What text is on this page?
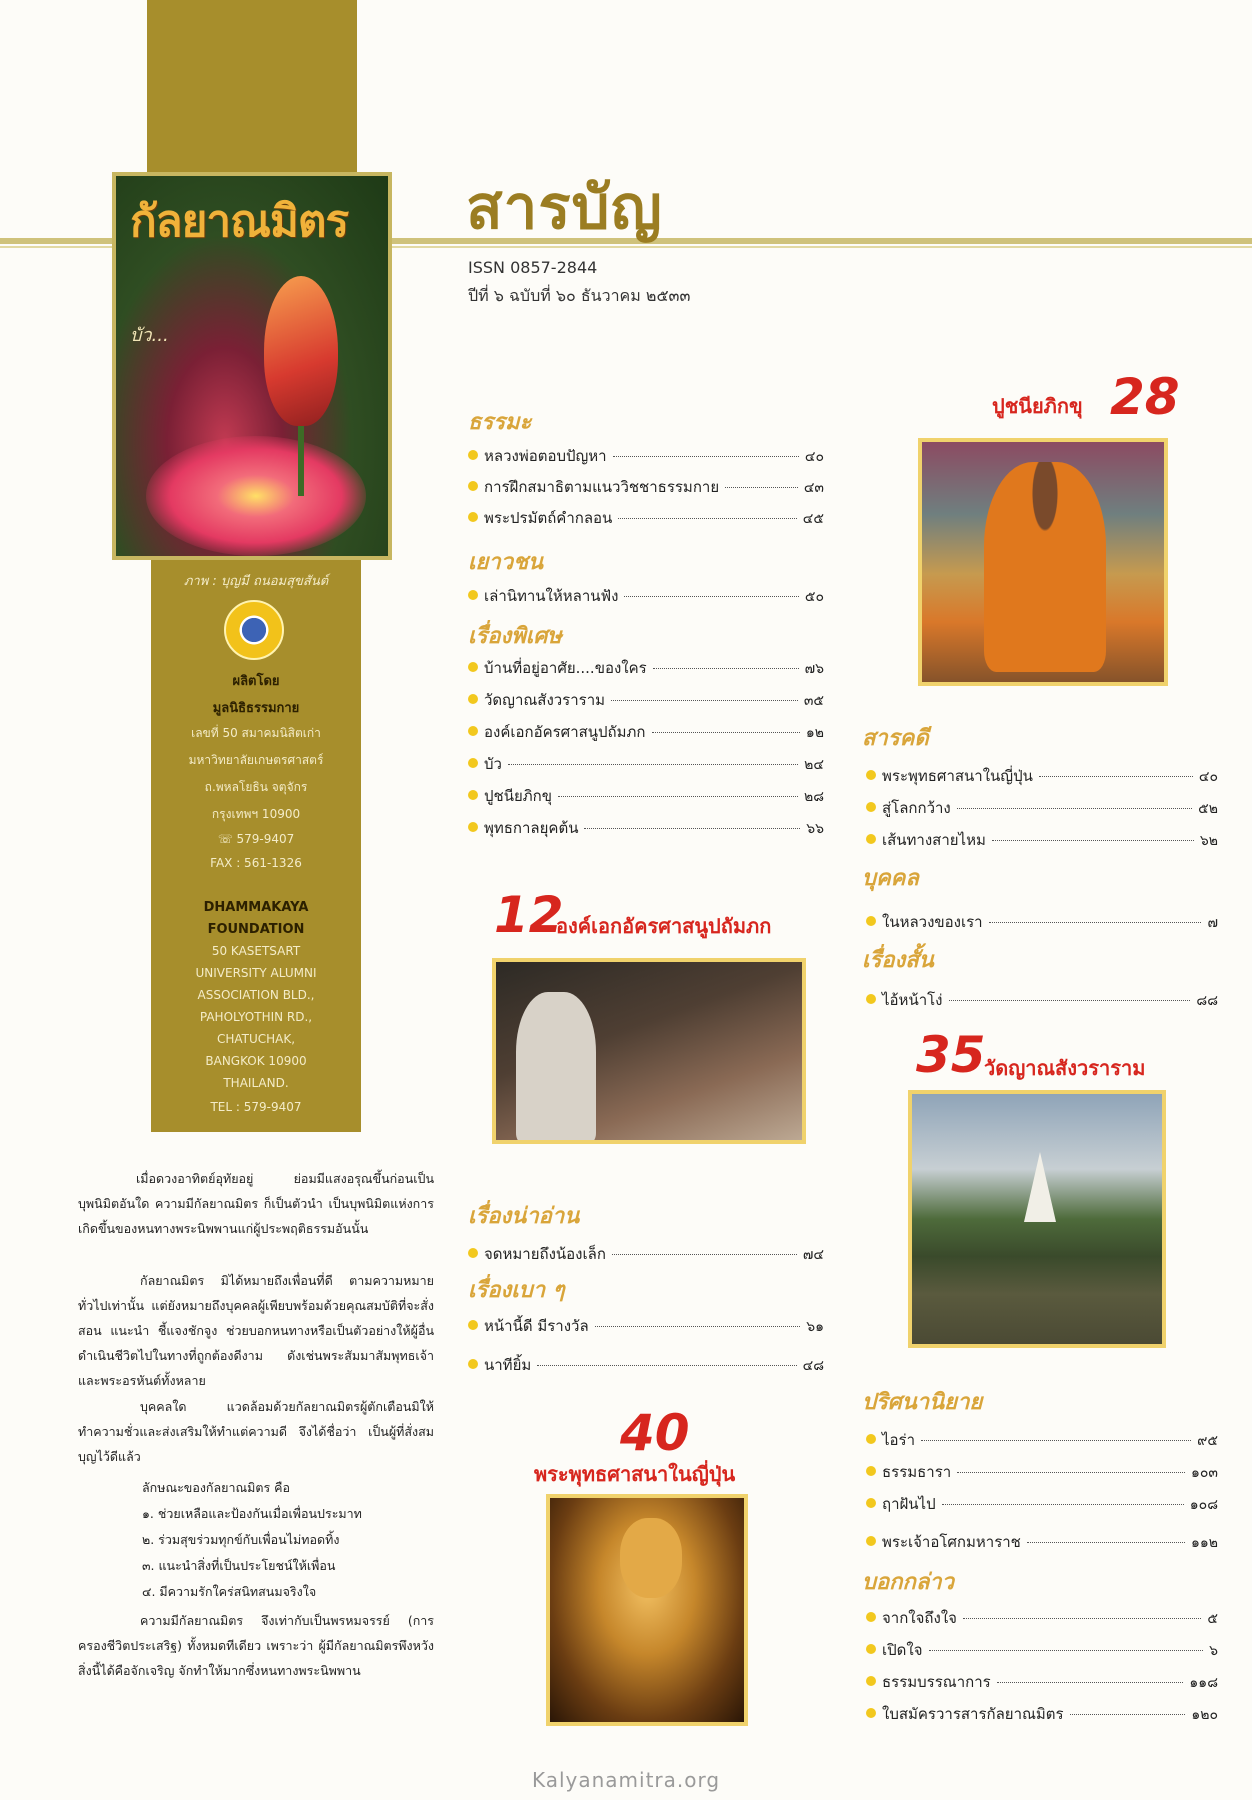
กัลยาณมิตร
บัว...
ภาพ : บุญมี ถนอมสุขสันต์
ผลิตโดย
มูลนิธิธรรมกาย
เลขที่ 50 สมาคมนิสิตเก่า
มหาวิทยาลัยเกษตรศาสตร์
ถ.พหลโยธิน จตุจักร
กรุงเทพฯ 10900
☏ 579-9407
FAX : 561-1326
DHAMMAKAYA
FOUNDATION
50 KASETSART
UNIVERSITY ALUMNI
ASSOCIATION BLD.,
PAHOLYOTHIN RD.,
CHATUCHAK,
BANGKOK 10900
THAILAND.
TEL : 579-9407
สารบัญ
ISSN 0857-2844
ปีที่ ๖ ฉบับที่ ๖๐ ธันวาคม ๒๕๓๓
ธรรมะ
หลวงพ่อตอบปัญหา	๔๐
การฝึกสมาธิตามแนววิชชาธรรมกาย	๔๓
พระปรมัตถ์คำกลอน	๔๕
เยาวชน
เล่านิทานให้หลานฟัง	๕๐
เรื่องพิเศษ
บ้านที่อยู่อาศัย....ของใคร	๗๖
วัดญาณสังวราราม	๓๕
องค์เอกอัครศาสนูปถัมภก	๑๒
บัว	๒๔
ปูชนียภิกขุ	๒๘
พุทธกาลยุคต้น	๖๖
12
องค์เอกอัครศาสนูปถัมภก
เรื่องน่าอ่าน
จดหมายถึงน้องเล็ก	๗๔
เรื่องเบา ๆ
หน้านี้ดี มีรางวัล	๖๑
นาทียิ้ม	๔๘
40
พระพุทธศาสนาในญี่ปุ่น
ปูชนียภิกขุ 28
สารคดี
พระพุทธศาสนาในญี่ปุ่น	๔๐
สู่โลกกว้าง	๕๒
เส้นทางสายไหม	๖๒
บุคคล
ในหลวงของเรา	๗
เรื่องสั้น
ไอ้หน้าโง่	๘๘
35
วัดญาณสังวราราม
ปริศนานิยาย
ไอร่า	๙๕
ธรรมธารา	๑๐๓
ฤาฝันไป	๑๐๘
พระเจ้าอโศกมหาราช	๑๑๒
บอกกล่าว
จากใจถึงใจ	๕
เปิดใจ	๖
ธรรมบรรณาการ	๑๑๘
ใบสมัครวารสารกัลยาณมิตร	๑๒๐
เมื่อดวงอาทิตย์อุทัยอยู่ ย่อมมีแสงอรุณขึ้นก่อนเป็นบุพนิมิตอันใด ความมีกัลยาณมิตร ก็เป็นตัวนำ เป็นบุพนิมิตแห่งการเกิดขึ้นของหนทางพระนิพพานแก่ผู้ประพฤติธรรมอันนั้น
กัลยาณมิตร มิได้หมายถึงเพื่อนที่ดี ตามความหมายทั่วไปเท่านั้น แต่ยังหมายถึงบุคคลผู้เพียบพร้อมด้วยคุณสมบัติที่จะสั่งสอน แนะนำ ชี้แจงชักจูง ช่วยบอกหนทางหรือเป็นตัวอย่างให้ผู้อื่นดำเนินชีวิตไปในทางที่ถูกต้องดีงาม ดังเช่นพระสัมมาสัมพุทธเจ้า และพระอรหันต์ทั้งหลาย
บุคคลใด แวดล้อมด้วยกัลยาณมิตรผู้ตักเตือนมิให้ทำความชั่วและส่งเสริมให้ทำแต่ความดี จึงได้ชื่อว่า เป็นผู้ที่สั่งสมบุญไว้ดีแล้ว
ลักษณะของกัลยาณมิตร คือ
๑. ช่วยเหลือและป้องกันเมื่อเพื่อนประมาท
๒. ร่วมสุขร่วมทุกข์กับเพื่อนไม่ทอดทิ้ง
๓. แนะนำสิ่งที่เป็นประโยชน์ให้เพื่อน
๔. มีความรักใคร่สนิทสนมจริงใจ
ความมีกัลยาณมิตร จึงเท่ากับเป็นพรหมจรรย์ (การครองชีวิตประเสริฐ) ทั้งหมดทีเดียว เพราะว่า ผู้มีกัลยาณมิตรพึงหวังสิ่งนี้ได้คือจักเจริญ จักทำให้มากซึ่งหนทางพระนิพพาน
Kalyanamitra.org
